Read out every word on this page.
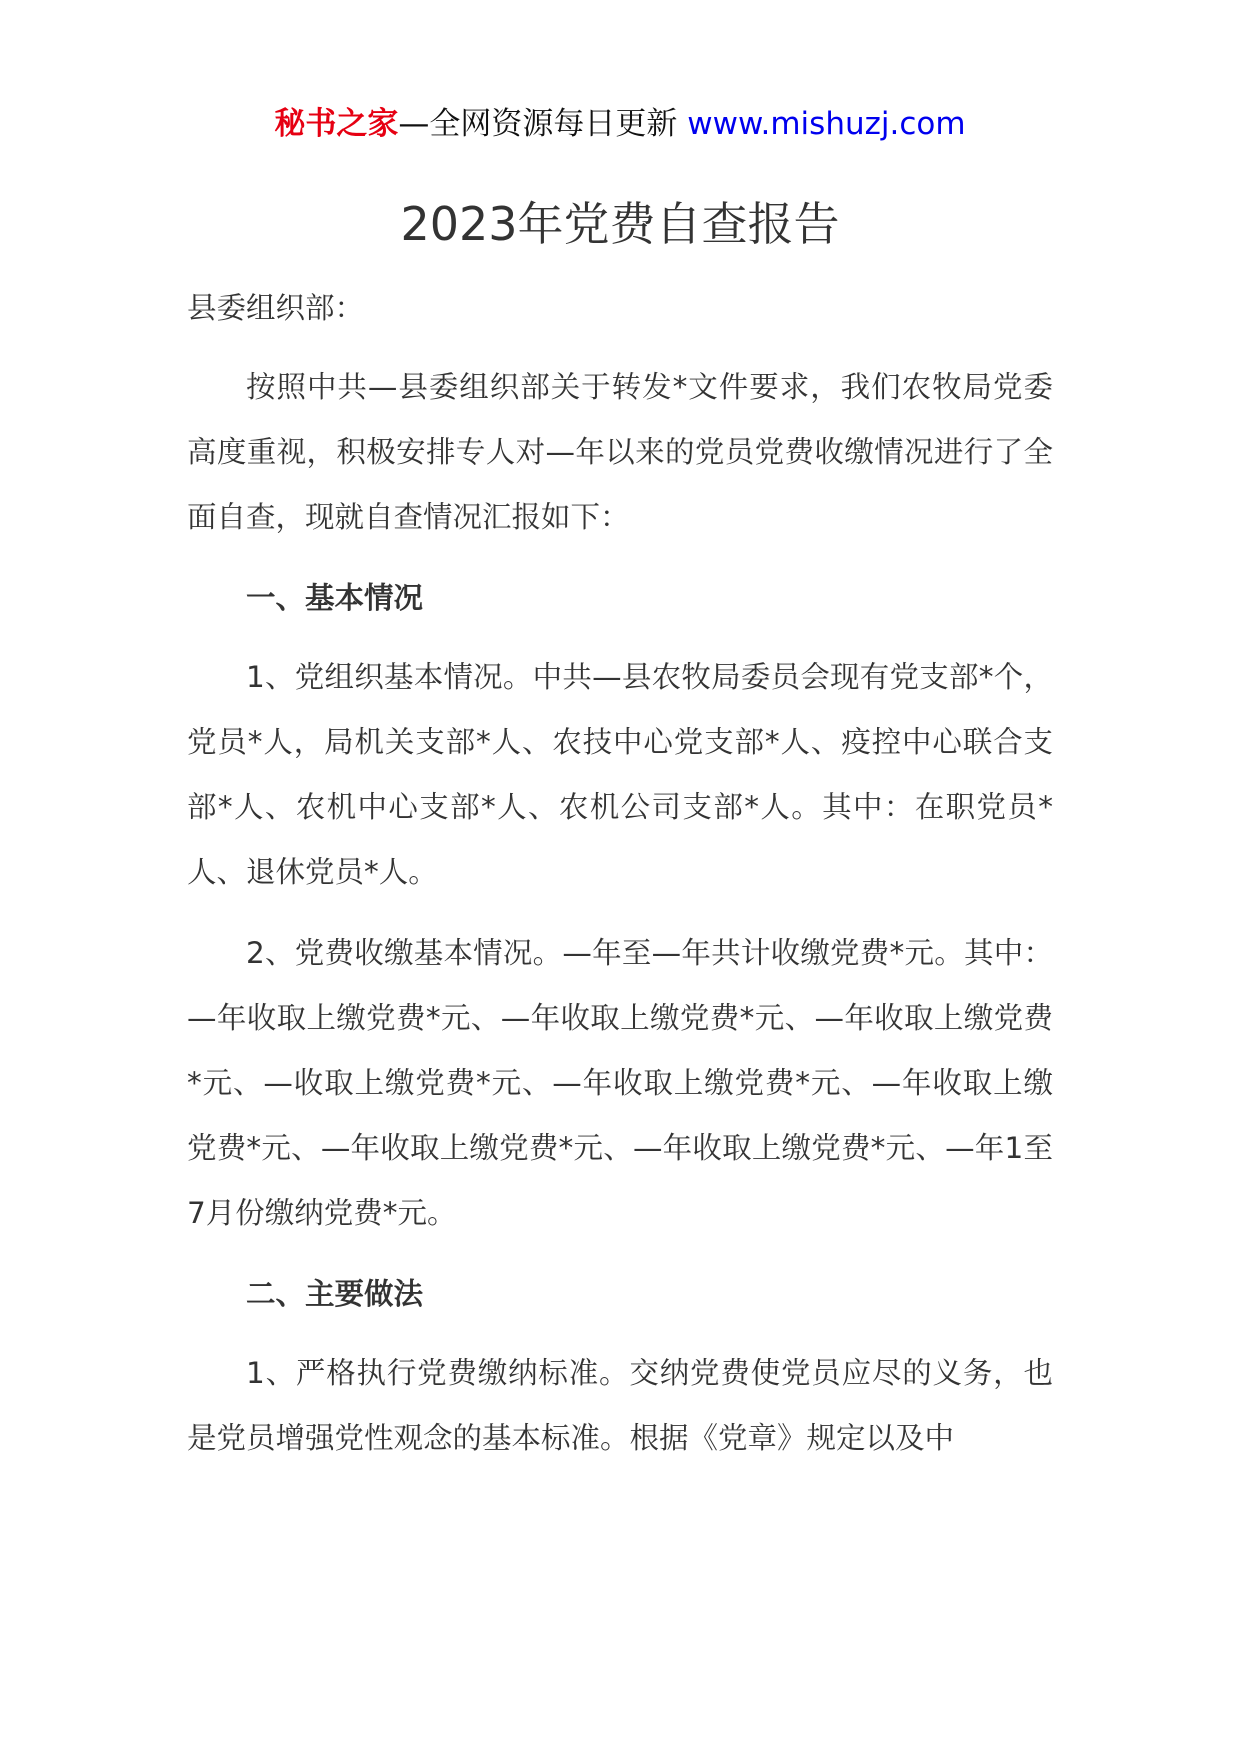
秘书之家—全网资源每日更新 www.mishuzj.com
2023年党费自查报告

县委组织部：

按照中共—县委组织部关于转发*文件要求，我们农牧局党委高度重视，积极安排专人对—年以来的党员党费收缴情况进行了全面自查，现就自查情况汇报如下：

一、基本情况

1、党组织基本情况。中共—县农牧局委员会现有党支部*个，党员*人，局机关支部*人、农技中心党支部*人、疫控中心联合支部*人、农机中心支部*人、农机公司支部*人。其中：在职党员*人、退休党员*人。

2、党费收缴基本情况。—年至—年共计收缴党费*元。其中：—年收取上缴党费*元、—年收取上缴党费*元、—年收取上缴党费*元、—收取上缴党费*元、—年收取上缴党费*元、—年收取上缴党费*元、—年收取上缴党费*元、—年收取上缴党费*元、—年1至7月份缴纳党费*元。

二、主要做法

1、严格执行党费缴纳标准。交纳党费使党员应尽的义务，也是党员增强党性观念的基本标准。根据《党章》规定以及中
